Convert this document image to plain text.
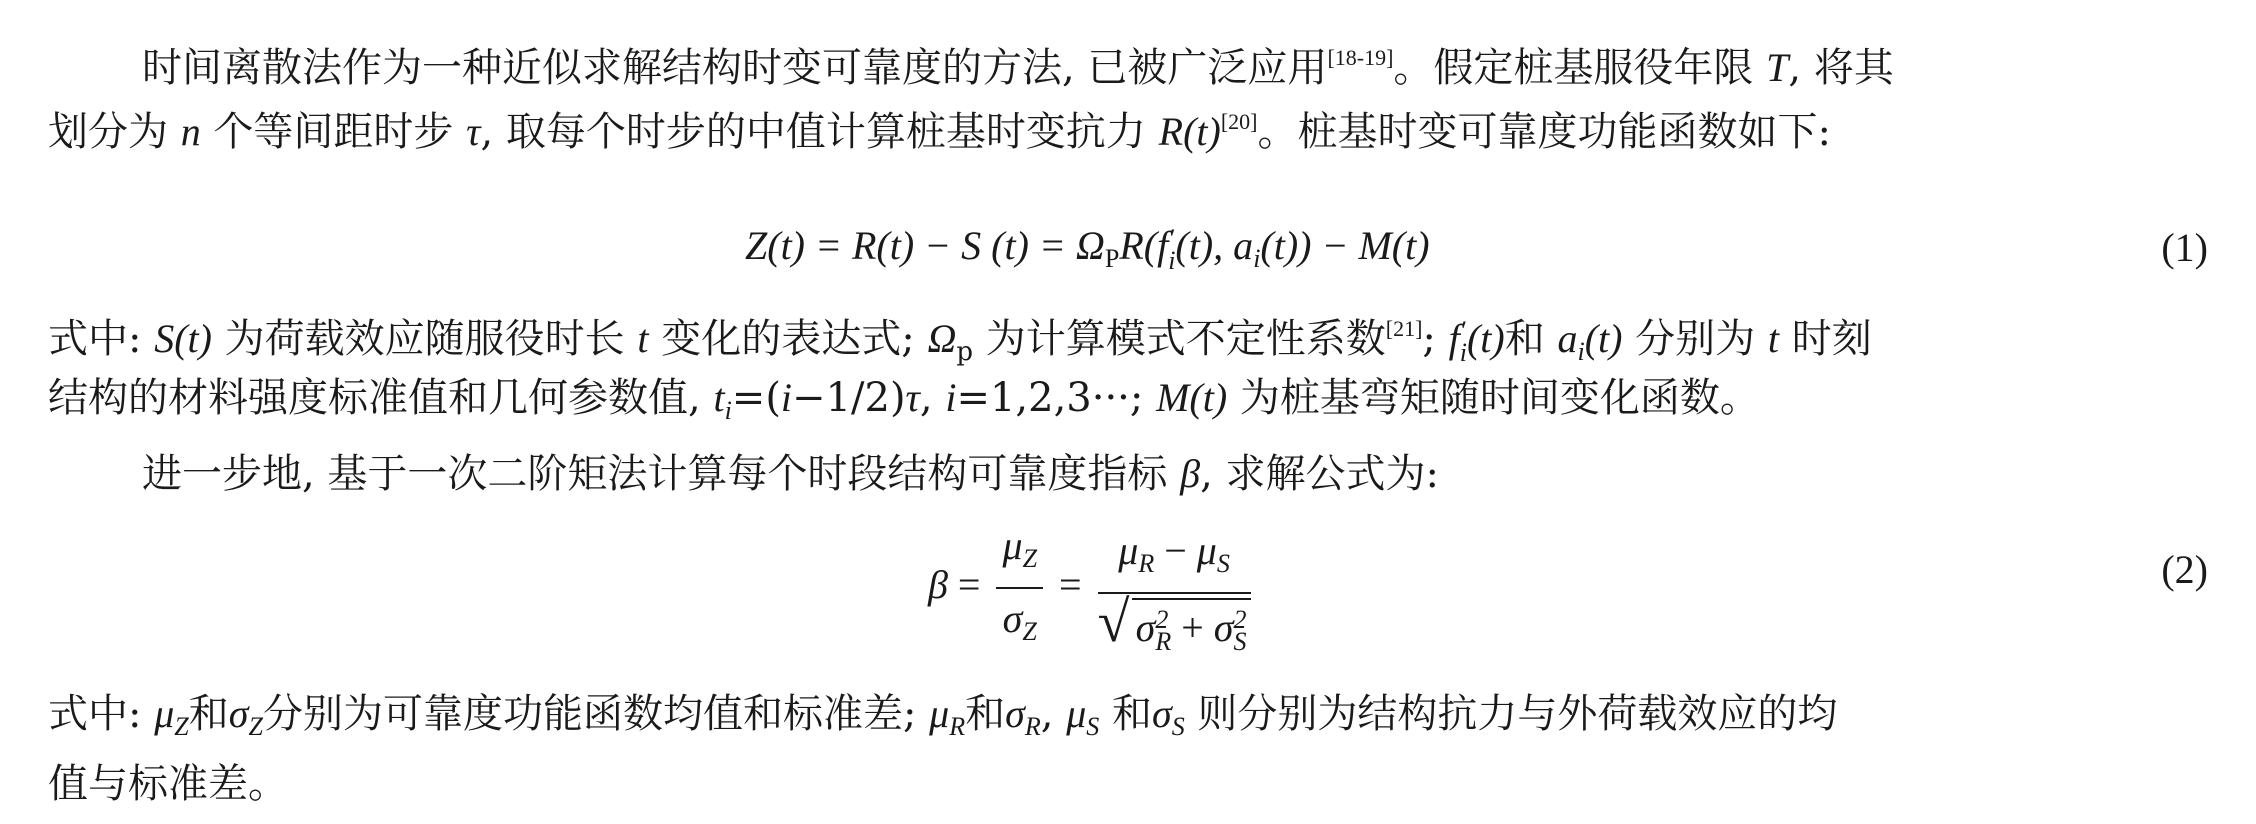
时间离散法作为一种近似求解结构时变可靠度的方法, 已被广泛应用[18-19]。假定桩基服役年限 T, 将其
划分为 n 个等间距时步 τ, 取每个时步的中值计算桩基时变抗力 R(t)[20]。桩基时变可靠度功能函数如下:
Z(t) = R(t) − S $(t) = \Omega_PR(f$ ′
i (t), $a_i(t)) - M(t)$	(1)
式中: S(t) 为荷载效应随服役时长 t 变化的表达式; $\Omega_p$ 为计算模式不定性系数[21]; f ′
i (t)和 $a_i(t)$ 分别为 t 时刻
结构的材料强度标准值和几何参数值, $t_i=(i-1/2)\tau$, i=1,2,3···; M(t) 为桩基弯矩随时间变化函数。
进一步地, 基于一次二阶矩法计算每个时段结构可靠度指标 β, 求解公式为:
$\beta = \frac{\mu_Z}{\sigma_Z} = \mu_R - \mu_S$
√ σ 2
R + σ 2
S	(2)
式中: $\mu_Z$和$\sigma_Z$分别为可靠度功能函数均值和标准差; $\mu_R$和$\sigma_R$, $\mu_S$ 和$\sigma_S$ 则分别为结构抗力与外荷载效应的均
值与标准差。
